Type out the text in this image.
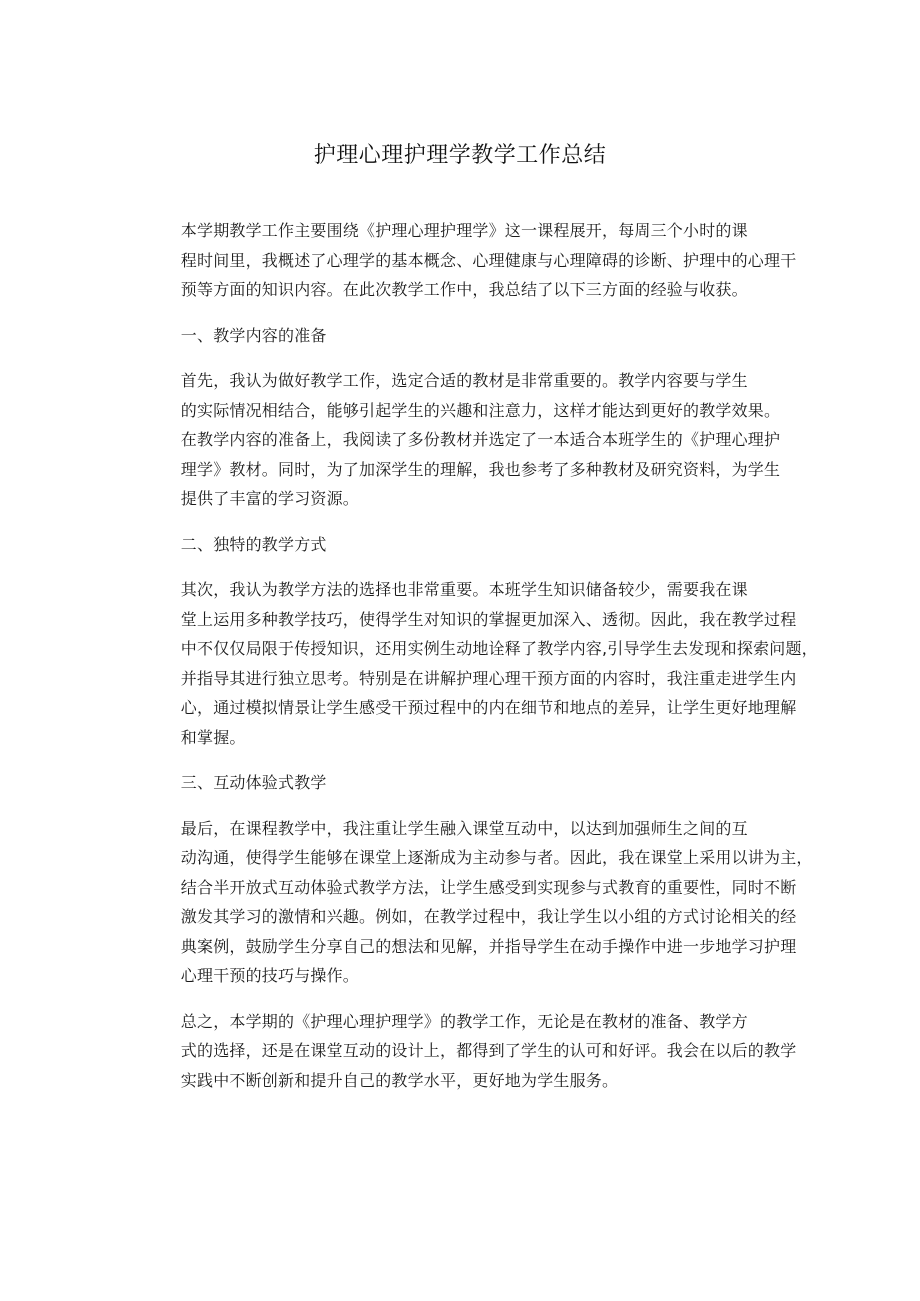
护理心理护理学教学工作总结

本学期教学工作主要围绕《护理心理护理学》这一课程展开，每周三个小时的课
程时间里，我概述了心理学的基本概念、心理健康与心理障碍的诊断、护理中的心理干
预等方面的知识内容。在此次教学工作中，我总结了以下三方面的经验与收获。

一、教学内容的准备

首先，我认为做好教学工作，选定合适的教材是非常重要的。教学内容要与学生
的实际情况相结合，能够引起学生的兴趣和注意力，这样才能达到更好的教学效果。
在教学内容的准备上，我阅读了多份教材并选定了一本适合本班学生的《护理心理护
理学》教材。同时，为了加深学生的理解，我也参考了多种教材及研究资料，为学生
提供了丰富的学习资源。

二、独特的教学方式

其次，我认为教学方法的选择也非常重要。本班学生知识储备较少，需要我在课
堂上运用多种教学技巧，使得学生对知识的掌握更加深入、透彻。因此，我在教学过程
中不仅仅局限于传授知识，还用实例生动地诠释了教学内容,引导学生去发现和探索问题，
并指导其进行独立思考。特别是在讲解护理心理干预方面的内容时，我注重走进学生内
心，通过模拟情景让学生感受干预过程中的内在细节和地点的差异，让学生更好地理解
和掌握。

三、互动体验式教学

最后，在课程教学中，我注重让学生融入课堂互动中，以达到加强师生之间的互
动沟通，使得学生能够在课堂上逐渐成为主动参与者。因此，我在课堂上采用以讲为主，
结合半开放式互动体验式教学方法，让学生感受到实现参与式教育的重要性，同时不断
激发其学习的激情和兴趣。例如，在教学过程中，我让学生以小组的方式讨论相关的经
典案例，鼓励学生分享自己的想法和见解，并指导学生在动手操作中进一步地学习护理
心理干预的技巧与操作。

总之，本学期的《护理心理护理学》的教学工作，无论是在教材的准备、教学方
式的选择，还是在课堂互动的设计上，都得到了学生的认可和好评。我会在以后的教学
实践中不断创新和提升自己的教学水平，更好地为学生服务。
